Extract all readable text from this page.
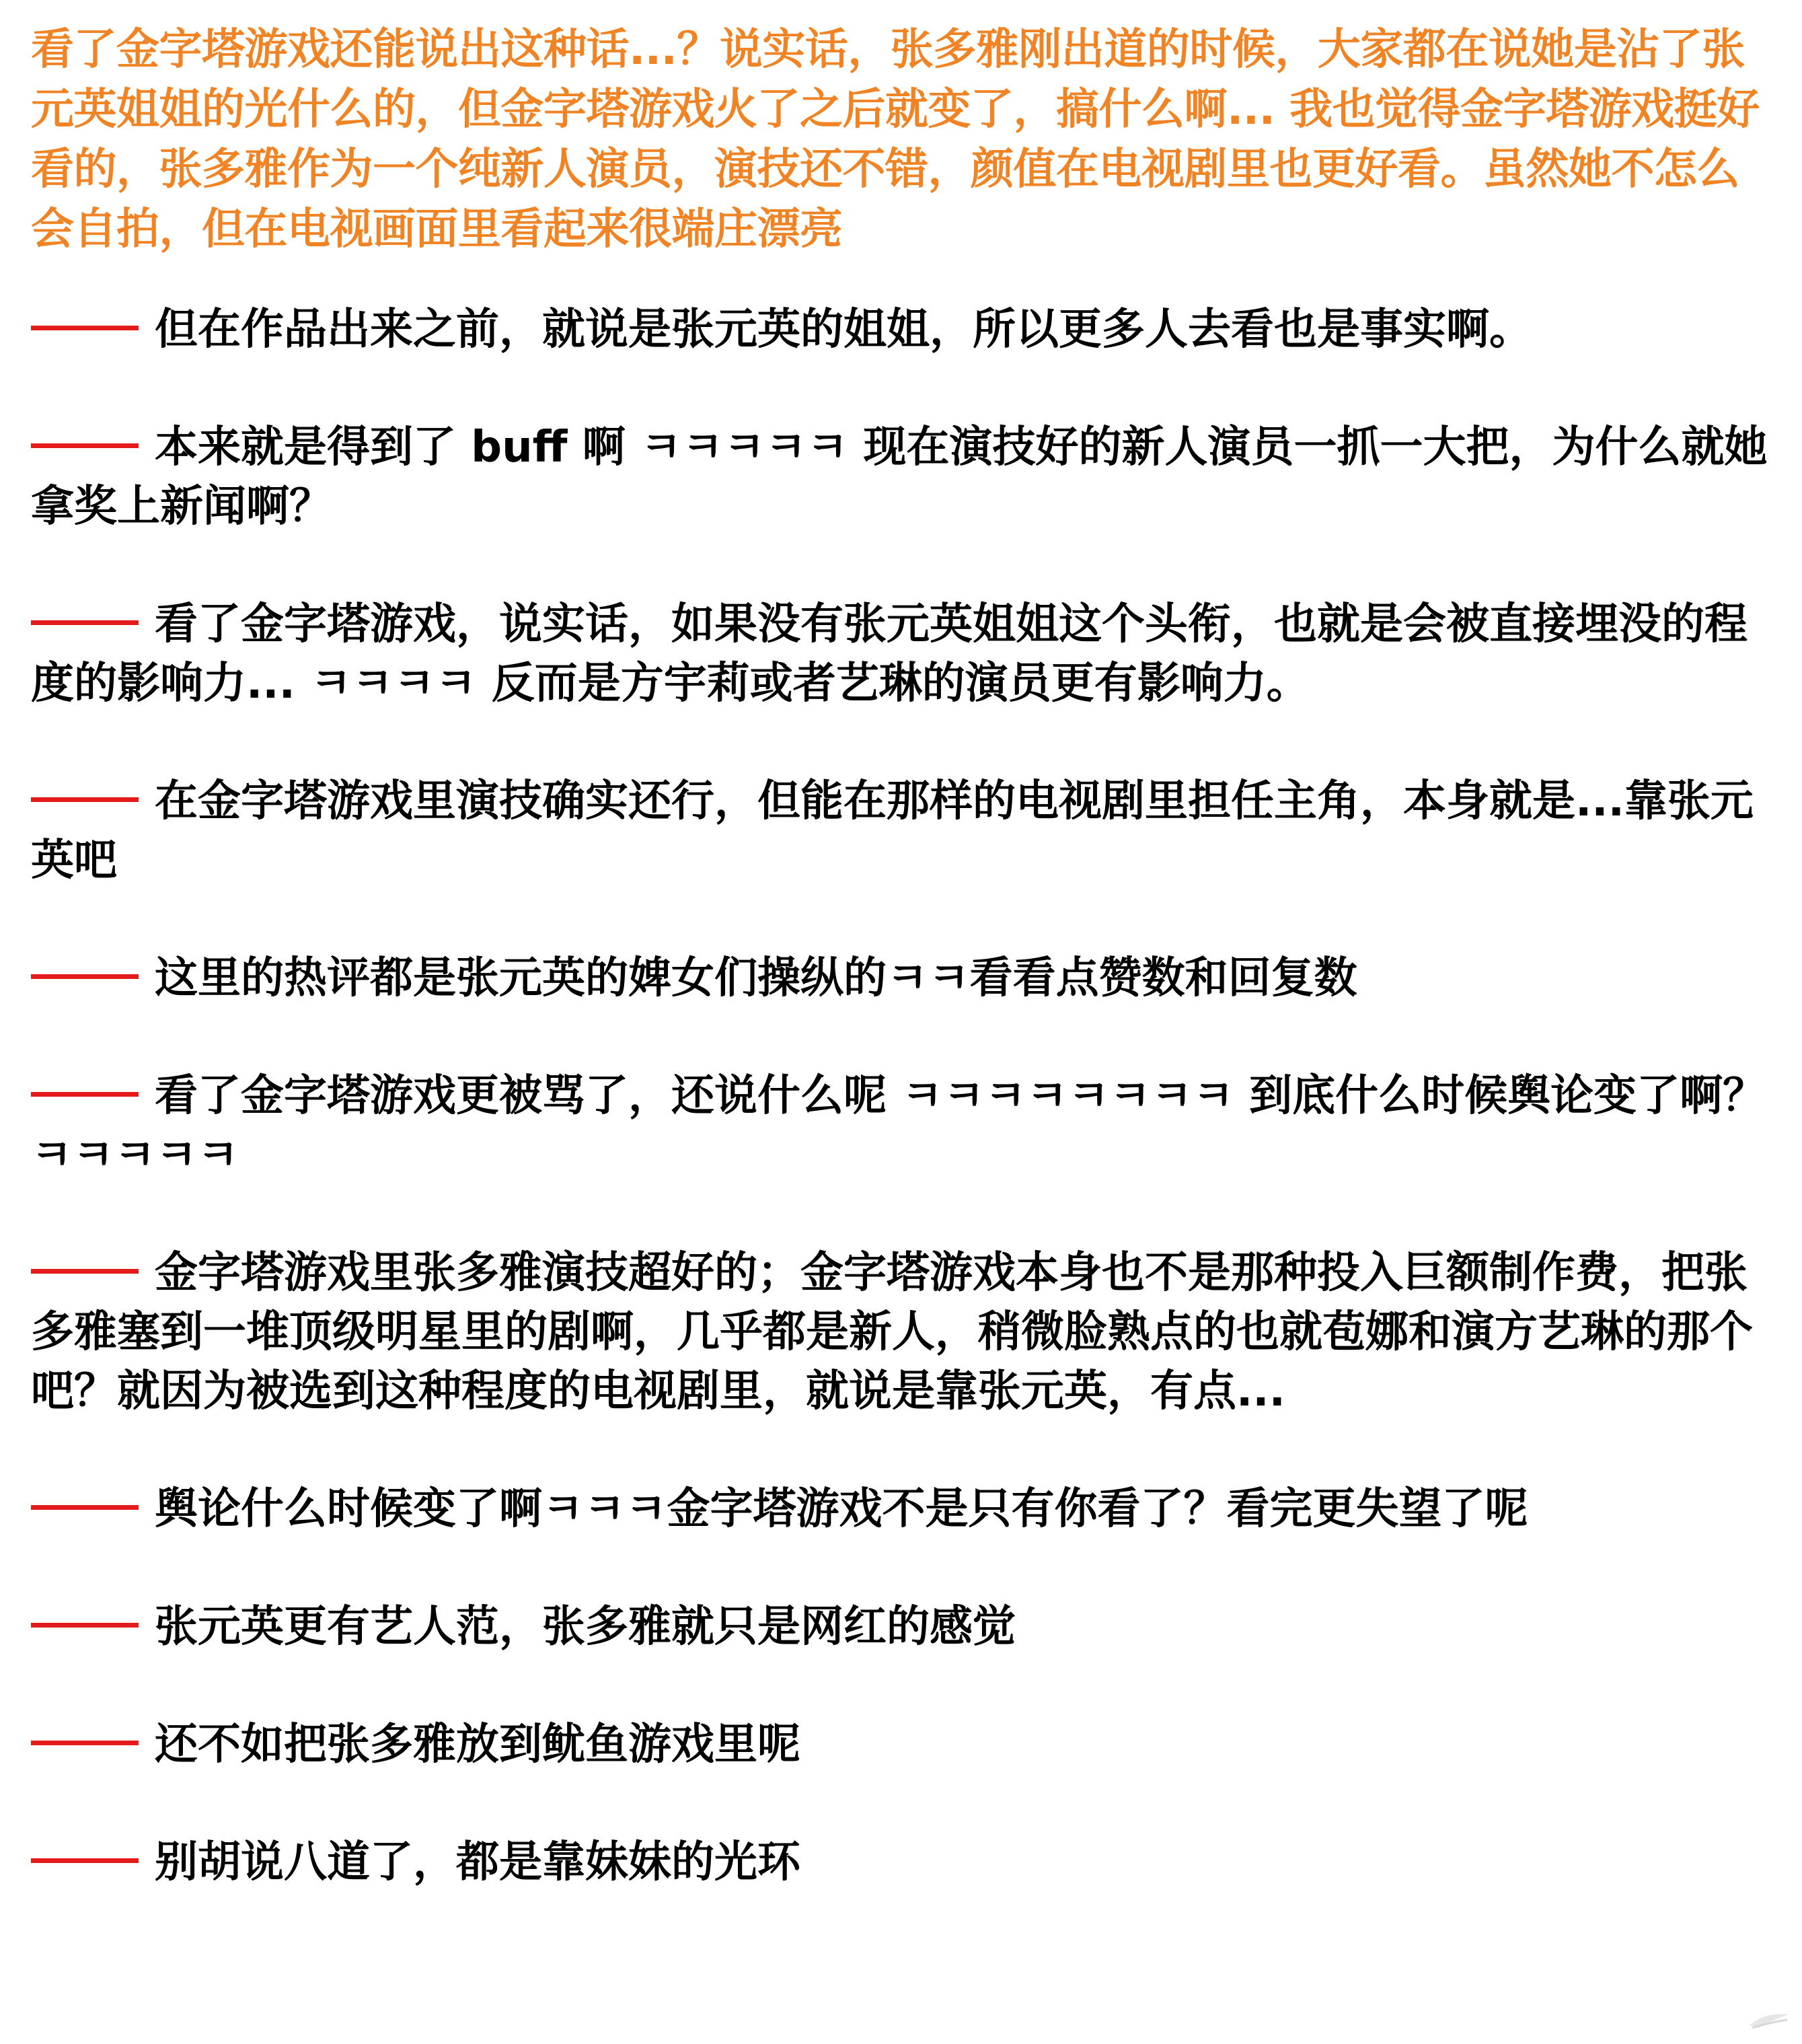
看了金字塔游戏还能说出这种话...？说实话，张多雅刚出道的时候，大家都在说她是沾了张元英姐姐的光什么的，但金字塔游戏火了之后就变了，搞什么啊... 我也觉得金字塔游戏挺好看的，张多雅作为一个纯新人演员，演技还不错，颜值在电视剧里也更好看。虽然她不怎么会自拍，但在电视画面里看起来很端庄漂亮

但在作品出来之前，就说是张元英的姐姐，所以更多人去看也是事实啊。
本来就是得到了 buff 啊 ㅋㅋㅋㅋㅋ 现在演技好的新人演员一抓一大把，为什么就她拿奖上新闻啊？
看了金字塔游戏，说实话，如果没有张元英姐姐这个头衔，也就是会被直接埋没的程度的影响力... ㅋㅋㅋㅋ 反而是方宇莉或者艺琳的演员更有影响力。
在金字塔游戏里演技确实还行，但能在那样的电视剧里担任主角，本身就是...靠张元英吧
这里的热评都是张元英的婢女们操纵的ㅋㅋ看看点赞数和回复数
看了金字塔游戏更被骂了，还说什么呢 ㅋㅋㅋㅋㅋㅋㅋㅋ 到底什么时候舆论变了啊？ ㅋㅋㅋㅋㅋ
金字塔游戏里张多雅演技超好的；金字塔游戏本身也不是那种投入巨额制作费，把张多雅塞到一堆顶级明星里的剧啊，几乎都是新人，稍微脸熟点的也就苞娜和演方艺琳的那个吧？就因为被选到这种程度的电视剧里，就说是靠张元英，有点...
舆论什么时候变了啊ㅋㅋㅋ金字塔游戏不是只有你看了？看完更失望了呢
张元英更有艺人范，张多雅就只是网红的感觉
还不如把张多雅放到鱿鱼游戏里呢
别胡说八道了，都是靠妹妹的光环
